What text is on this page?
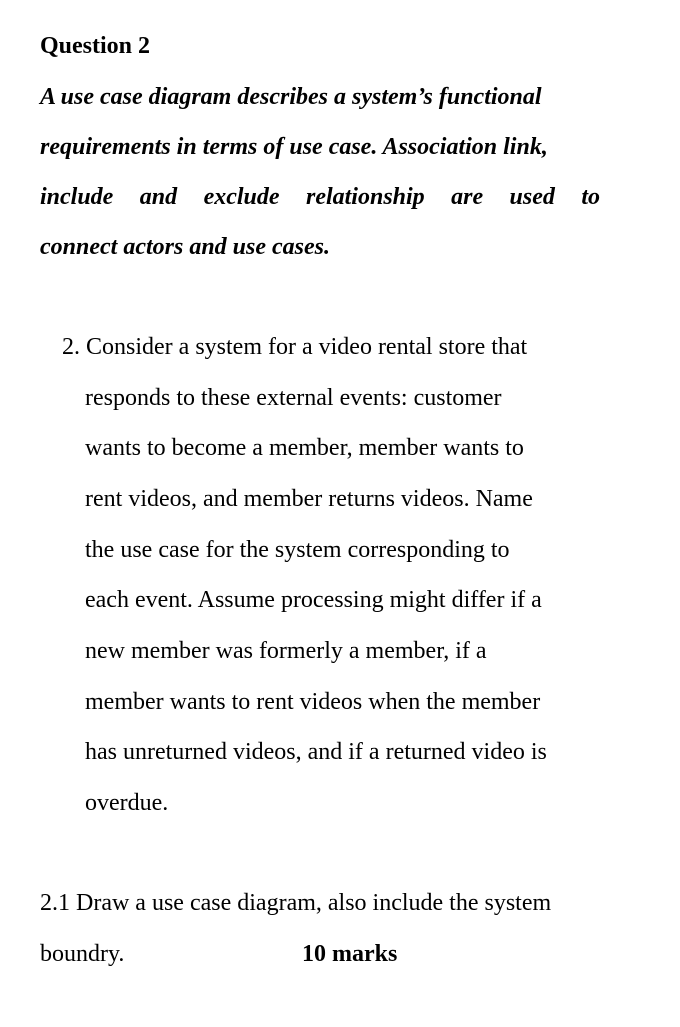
Question 2
A use case diagram describes a system’s functional
requirements in terms of use case. Association link,
include and exclude relationship are used to
connect actors and use cases.
2. Consider a system for a video rental store that
responds to these external events: customer
wants to become a member, member wants to
rent videos, and member returns videos. Name
the use case for the system corresponding to
each event. Assume processing might differ if a
new member was formerly a member, if a
member wants to rent videos when the member
has unreturned videos, and if a returned video is
overdue.
2.1 Draw a use case diagram, also include the system
boundry.	10 marks
